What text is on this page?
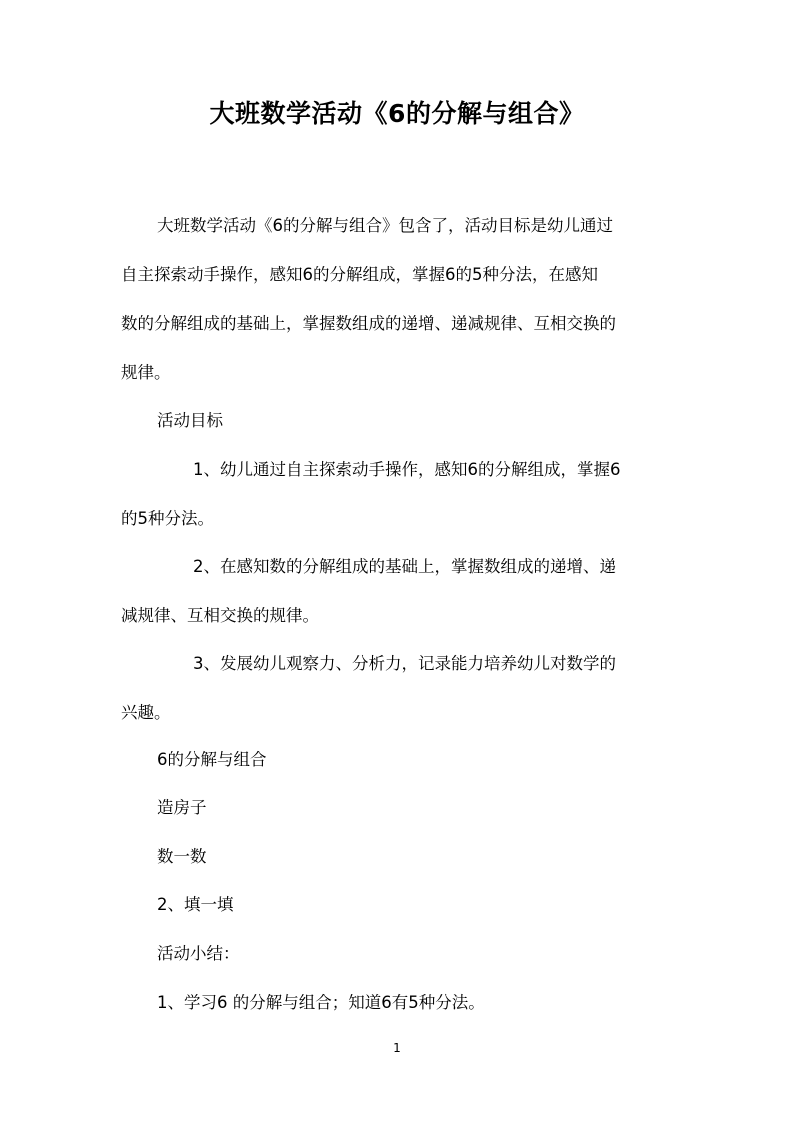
大班数学活动《6的分解与组合》
大班数学活动《6的分解与组合》包含了，活动目标是幼儿通过
自主探索动手操作，感知6的分解组成，掌握6的5种分法，在感知
数的分解组成的基础上，掌握数组成的递增、递减规律、互相交换的
规律。
活动目标
1、幼儿通过自主探索动手操作，感知6的分解组成，掌握6
的5种分法。
2、在感知数的分解组成的基础上，掌握数组成的递增、递
减规律、互相交换的规律。
3、发展幼儿观察力、分析力，记录能力培养幼儿对数学的
兴趣。
6的分解与组合
造房子
数一数
2、填一填
活动小结：
1、学习6 的分解与组合；知道6有5种分法。
1
